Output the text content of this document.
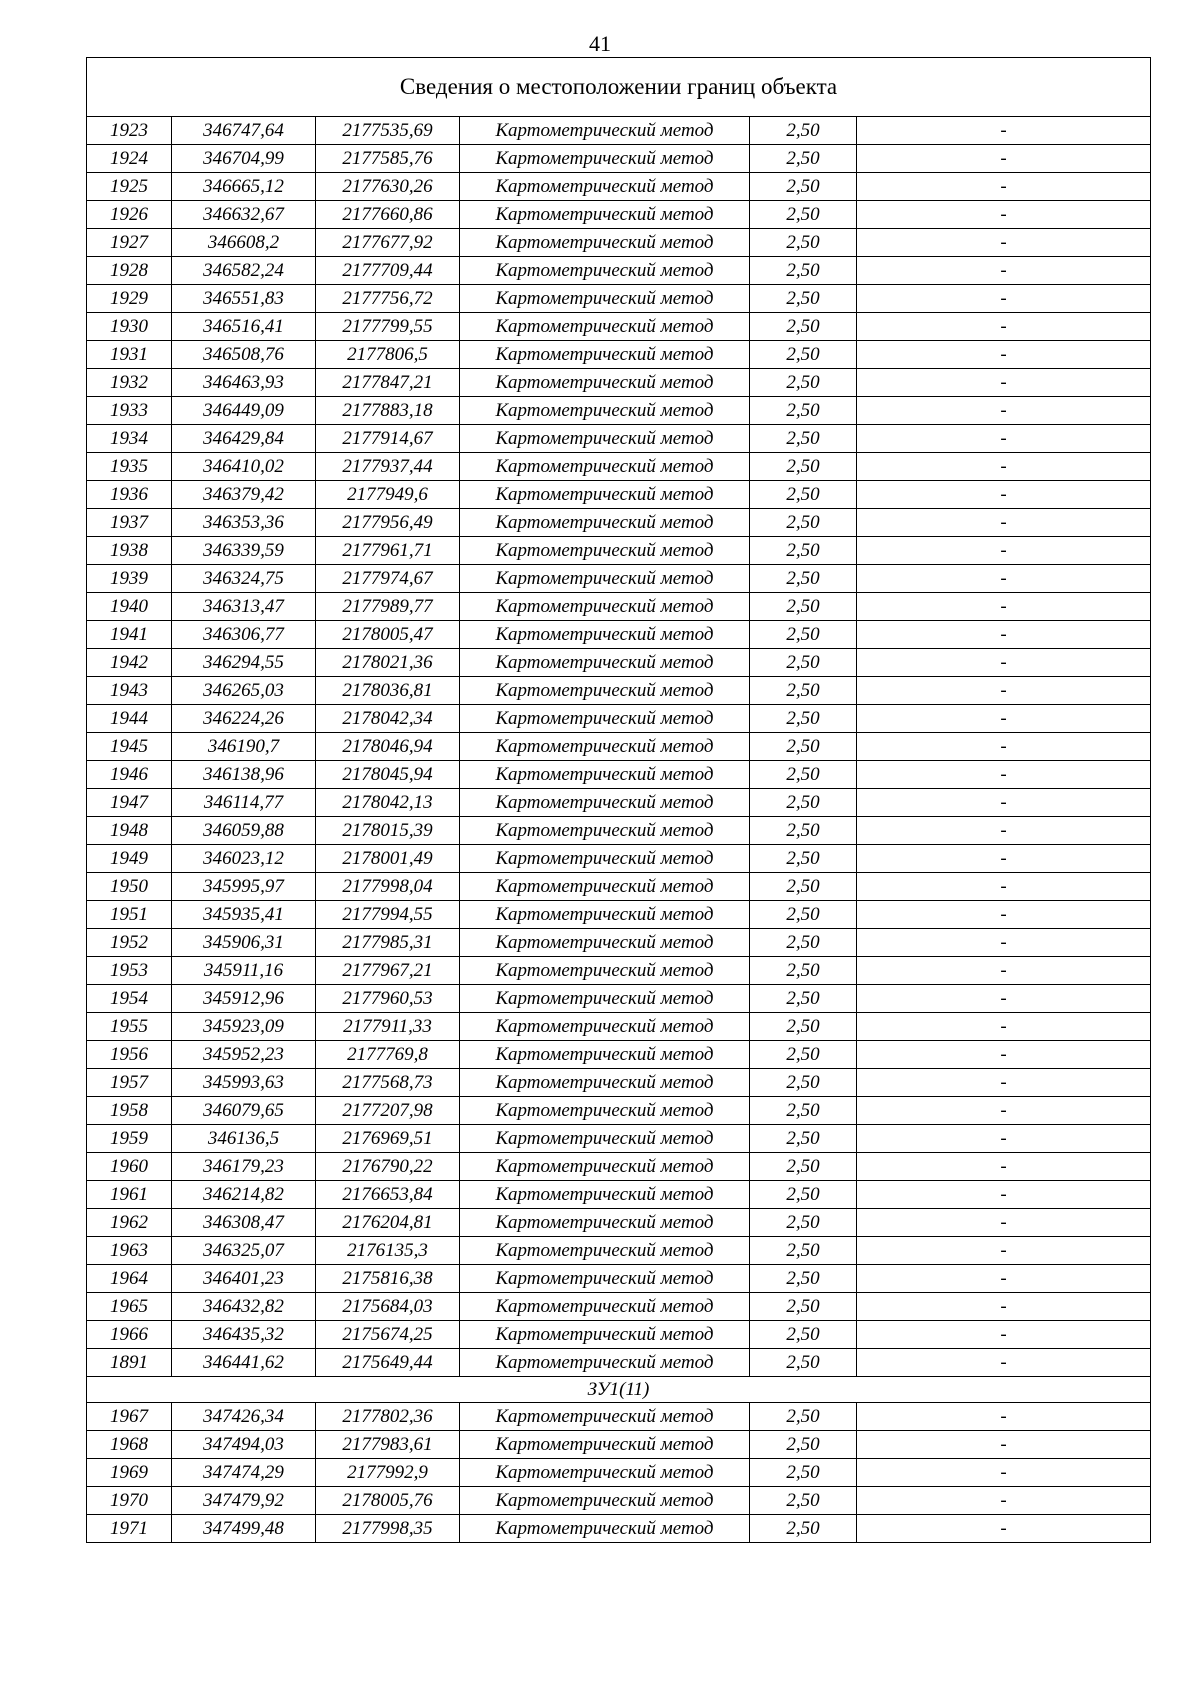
41
Сведения о местоположении границ объекта					
1923	346747,64	2177535,69	Картометрический метод	2,50	-
1924	346704,99	2177585,76	Картометрический метод	2,50	-
1925	346665,12	2177630,26	Картометрический метод	2,50	-
1926	346632,67	2177660,86	Картометрический метод	2,50	-
1927	346608,2	2177677,92	Картометрический метод	2,50	-
1928	346582,24	2177709,44	Картометрический метод	2,50	-
1929	346551,83	2177756,72	Картометрический метод	2,50	-
1930	346516,41	2177799,55	Картометрический метод	2,50	-
1931	346508,76	2177806,5	Картометрический метод	2,50	-
1932	346463,93	2177847,21	Картометрический метод	2,50	-
1933	346449,09	2177883,18	Картометрический метод	2,50	-
1934	346429,84	2177914,67	Картометрический метод	2,50	-
1935	346410,02	2177937,44	Картометрический метод	2,50	-
1936	346379,42	2177949,6	Картометрический метод	2,50	-
1937	346353,36	2177956,49	Картометрический метод	2,50	-
1938	346339,59	2177961,71	Картометрический метод	2,50	-
1939	346324,75	2177974,67	Картометрический метод	2,50	-
1940	346313,47	2177989,77	Картометрический метод	2,50	-
1941	346306,77	2178005,47	Картометрический метод	2,50	-
1942	346294,55	2178021,36	Картометрический метод	2,50	-
1943	346265,03	2178036,81	Картометрический метод	2,50	-
1944	346224,26	2178042,34	Картометрический метод	2,50	-
1945	346190,7	2178046,94	Картометрический метод	2,50	-
1946	346138,96	2178045,94	Картометрический метод	2,50	-
1947	346114,77	2178042,13	Картометрический метод	2,50	-
1948	346059,88	2178015,39	Картометрический метод	2,50	-
1949	346023,12	2178001,49	Картометрический метод	2,50	-
1950	345995,97	2177998,04	Картометрический метод	2,50	-
1951	345935,41	2177994,55	Картометрический метод	2,50	-
1952	345906,31	2177985,31	Картометрический метод	2,50	-
1953	345911,16	2177967,21	Картометрический метод	2,50	-
1954	345912,96	2177960,53	Картометрический метод	2,50	-
1955	345923,09	2177911,33	Картометрический метод	2,50	-
1956	345952,23	2177769,8	Картометрический метод	2,50	-
1957	345993,63	2177568,73	Картометрический метод	2,50	-
1958	346079,65	2177207,98	Картометрический метод	2,50	-
1959	346136,5	2176969,51	Картометрический метод	2,50	-
1960	346179,23	2176790,22	Картометрический метод	2,50	-
1961	346214,82	2176653,84	Картометрический метод	2,50	-
1962	346308,47	2176204,81	Картометрический метод	2,50	-
1963	346325,07	2176135,3	Картометрический метод	2,50	-
1964	346401,23	2175816,38	Картометрический метод	2,50	-
1965	346432,82	2175684,03	Картометрический метод	2,50	-
1966	346435,32	2175674,25	Картометрический метод	2,50	-
1891	346441,62	2175649,44	Картометрический метод	2,50	-
ЗУ1(11)					
1967	347426,34	2177802,36	Картометрический метод	2,50	-
1968	347494,03	2177983,61	Картометрический метод	2,50	-
1969	347474,29	2177992,9	Картометрический метод	2,50	-
1970	347479,92	2178005,76	Картометрический метод	2,50	-
1971	347499,48	2177998,35	Картометрический метод	2,50	-
